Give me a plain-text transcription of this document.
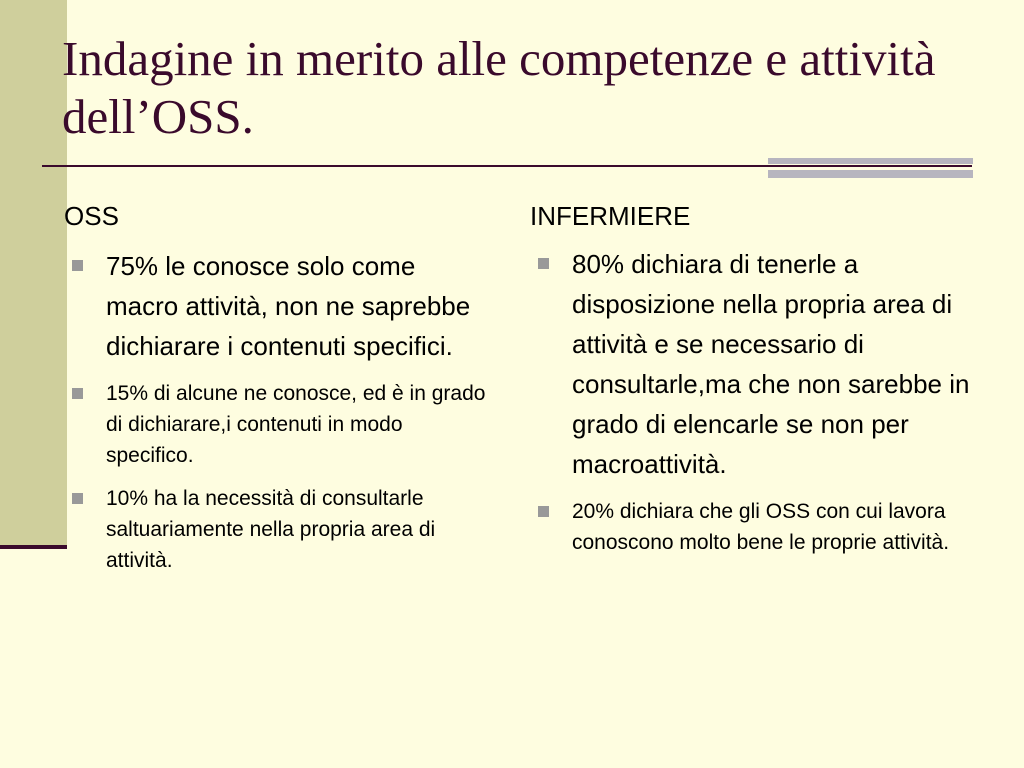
Indagine in merito alle competenze e attività dell’OSS.
OSS
75% le conosce solo come macro attività, non ne saprebbe dichiarare i contenuti specifici.
15% di alcune ne conosce, ed è in grado di dichiarare,i contenuti in modo specifico.
10% ha la necessità di consultarle saltuariamente nella propria area di attività.
INFERMIERE
80% dichiara di tenerle a disposizione nella propria area di attività e se necessario di consultarle,ma che non sarebbe in grado di elencarle se non per macroattività.
20% dichiara che gli OSS con cui lavora conoscono molto bene le proprie attività.
